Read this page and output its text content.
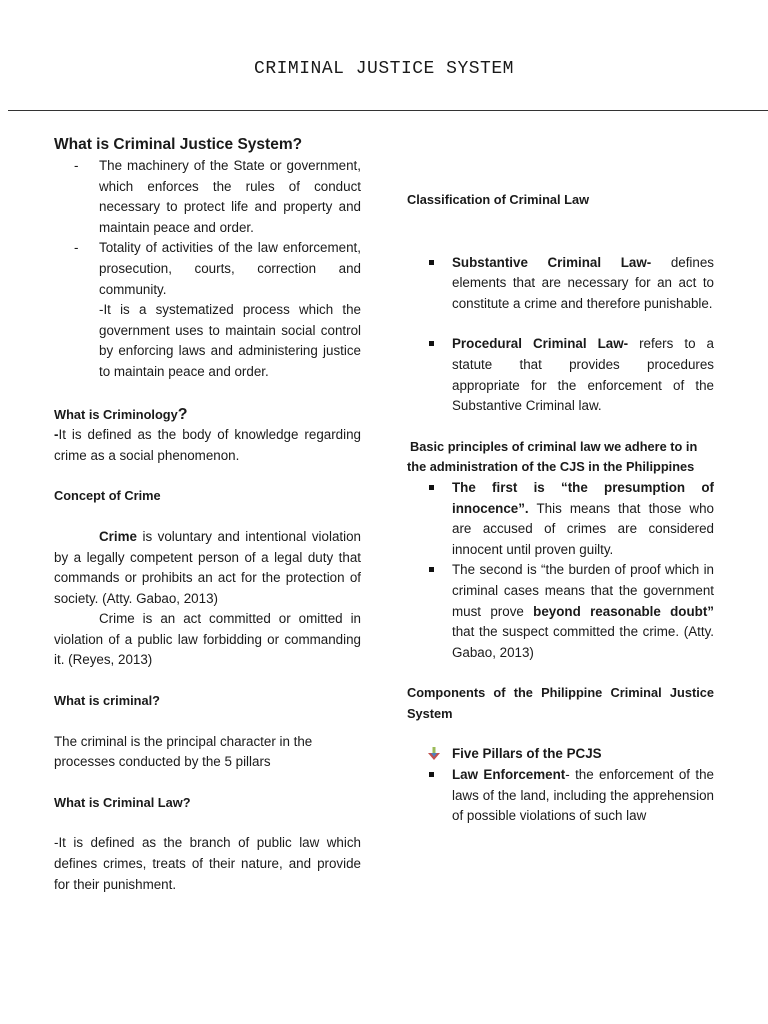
CRIMINAL JUSTICE SYSTEM
What is Criminal Justice System?
- The machinery of the State or government, which enforces the rules of conduct necessary to protect life and property and maintain peace and order.
- Totality of activities of the law enforcement, prosecution, courts, correction and community.

-It is a systematized process which the government uses to maintain social control by enforcing laws and administering justice to maintain peace and order.

What is Criminology?

-It is defined as the body of knowledge regarding crime as a social phenomenon.

Concept of Crime

Crime is voluntary and intentional violation by a legally competent person of a legal duty that commands or prohibits an act for the protection of society. (Atty. Gabao, 2013)

Crime is an act committed or omitted in violation of a public law forbidding or commanding it. (Reyes, 2013)

What is criminal?

The criminal is the principal character in the processes conducted by the 5 pillars

What is Criminal Law?

-It is defined as the branch of public law which defines crimes, treats of their nature, and provide for their punishment.

Classification of Criminal Law

Substantive Criminal Law- defines elements that are necessary for an act to constitute a crime and therefore punishable.
Procedural Criminal Law- refers to a statute that provides procedures appropriate for the enforcement of the Substantive Criminal law.

Basic principles of criminal law we adhere to in the administration of the CJS in the Philippines

The first is “the presumption of innocence”. This means that those who are accused of crimes are considered innocent until proven guilty.
The second is “the burden of proof which in criminal cases means that the government must prove beyond reasonable doubt” that the suspect committed the crime. (Atty. Gabao, 2013)

Components of the Philippine Criminal Justice System

Five Pillars of the PCJS
Law Enforcement- the enforcement of the laws of the land, including the apprehension of possible violations of such law
